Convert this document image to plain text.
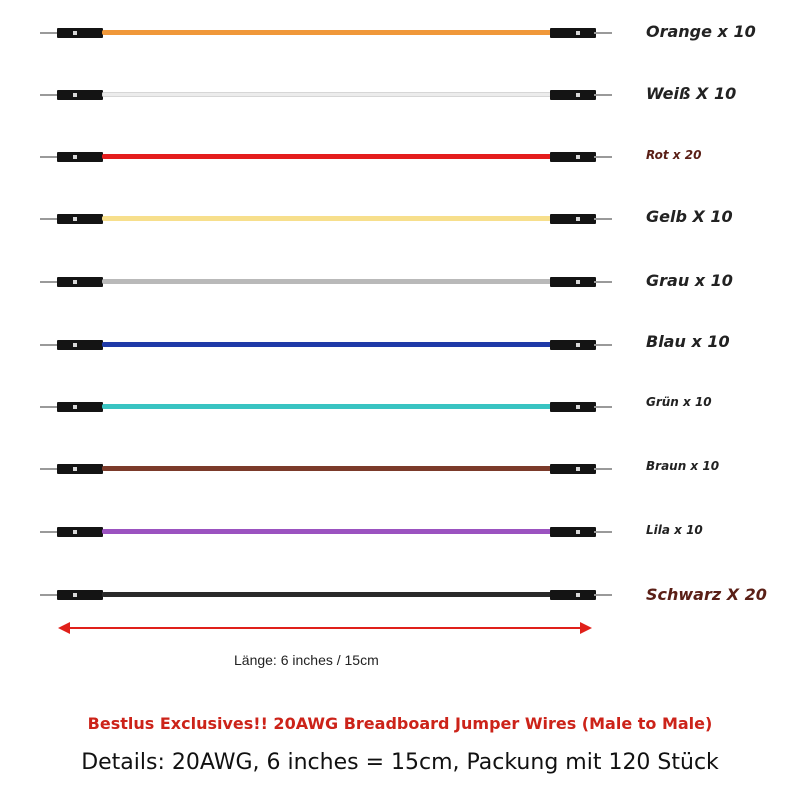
Orange x 10
Weiß X 10
Rot x 20
Gelb X 10
Grau x 10
Blau x 10
Grün x 10
Braun x 10
Lila x 10
Schwarz X 20
Länge: 6 inches / 15cm
Bestlus Exclusives!! 20AWG Breadboard Jumper Wires (Male to Male)
Details: 20AWG, 6 inches = 15cm, Packung mit 120 Stück
